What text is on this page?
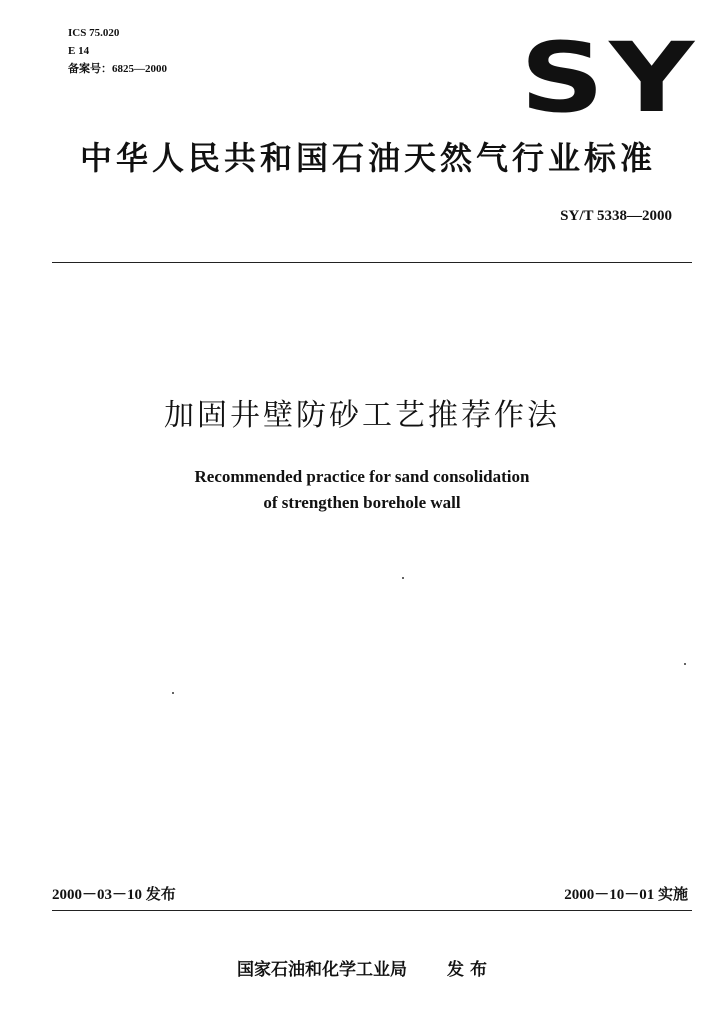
ICS 75.020
E 14
备案号：6825—2000	SY
中华人民共和国石油天然气行业标准
SY/T 5338—2000
加固井壁防砂工艺推荐作法
Recommended practice for sand consolidation
of strengthen borehole wall
2000－03－10 发布	2000－10－01 实施
国家石油和化学工业局 发 布
